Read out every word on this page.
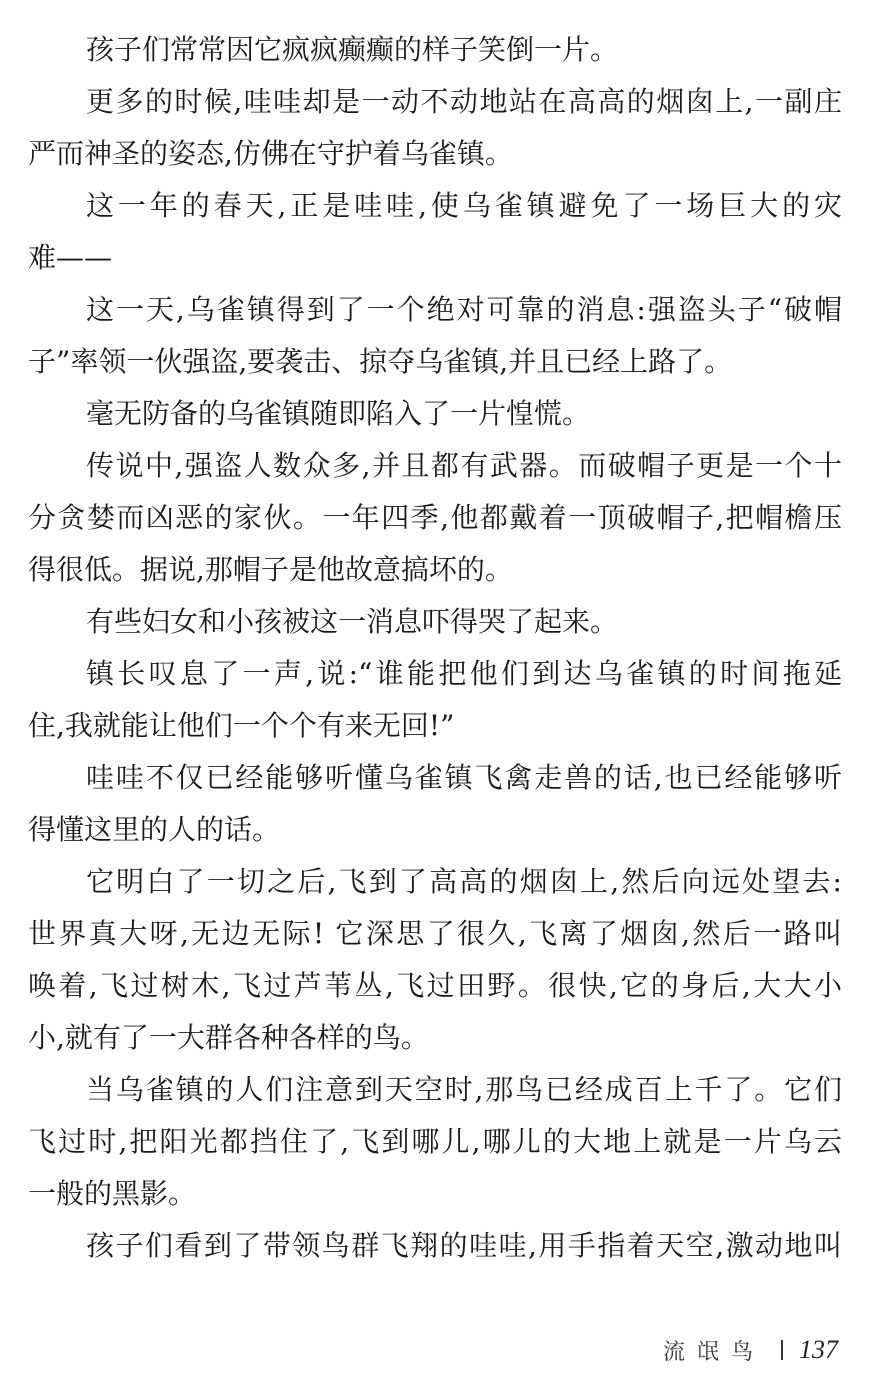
孩子们常常因它疯疯癫癫的样子笑倒一片。
更多的时候,哇哇却是一动不动地站在高高的烟囱上,一副庄
严而神圣的姿态,仿佛在守护着乌雀镇。
这一年的春天,正是哇哇,使乌雀镇避免了一场巨大的灾
难——
这一天,乌雀镇得到了一个绝对可靠的消息:强盗头子“破帽
子”率领一伙强盗,要袭击、掠夺乌雀镇,并且已经上路了。
毫无防备的乌雀镇随即陷入了一片惶慌。
传说中,强盗人数众多,并且都有武器。而破帽子更是一个十
分贪婪而凶恶的家伙。一年四季,他都戴着一顶破帽子,把帽檐压
得很低。据说,那帽子是他故意搞坏的。
有些妇女和小孩被这一消息吓得哭了起来。
镇长叹息了一声,说:“谁能把他们到达乌雀镇的时间拖延
住,我就能让他们一个个有来无回!”
哇哇不仅已经能够听懂乌雀镇飞禽走兽的话,也已经能够听
得懂这里的人的话。
它明白了一切之后,飞到了高高的烟囱上,然后向远处望去:
世界真大呀,无边无际! 它深思了很久,飞离了烟囱,然后一路叫
唤着,飞过树木,飞过芦苇丛,飞过田野。很快,它的身后,大大小
小,就有了一大群各种各样的鸟。
当乌雀镇的人们注意到天空时,那鸟已经成百上千了。它们
飞过时,把阳光都挡住了,飞到哪儿,哪儿的大地上就是一片乌云
一般的黑影。
孩子们看到了带领鸟群飞翔的哇哇,用手指着天空,激动地叫
流氓鸟 137
